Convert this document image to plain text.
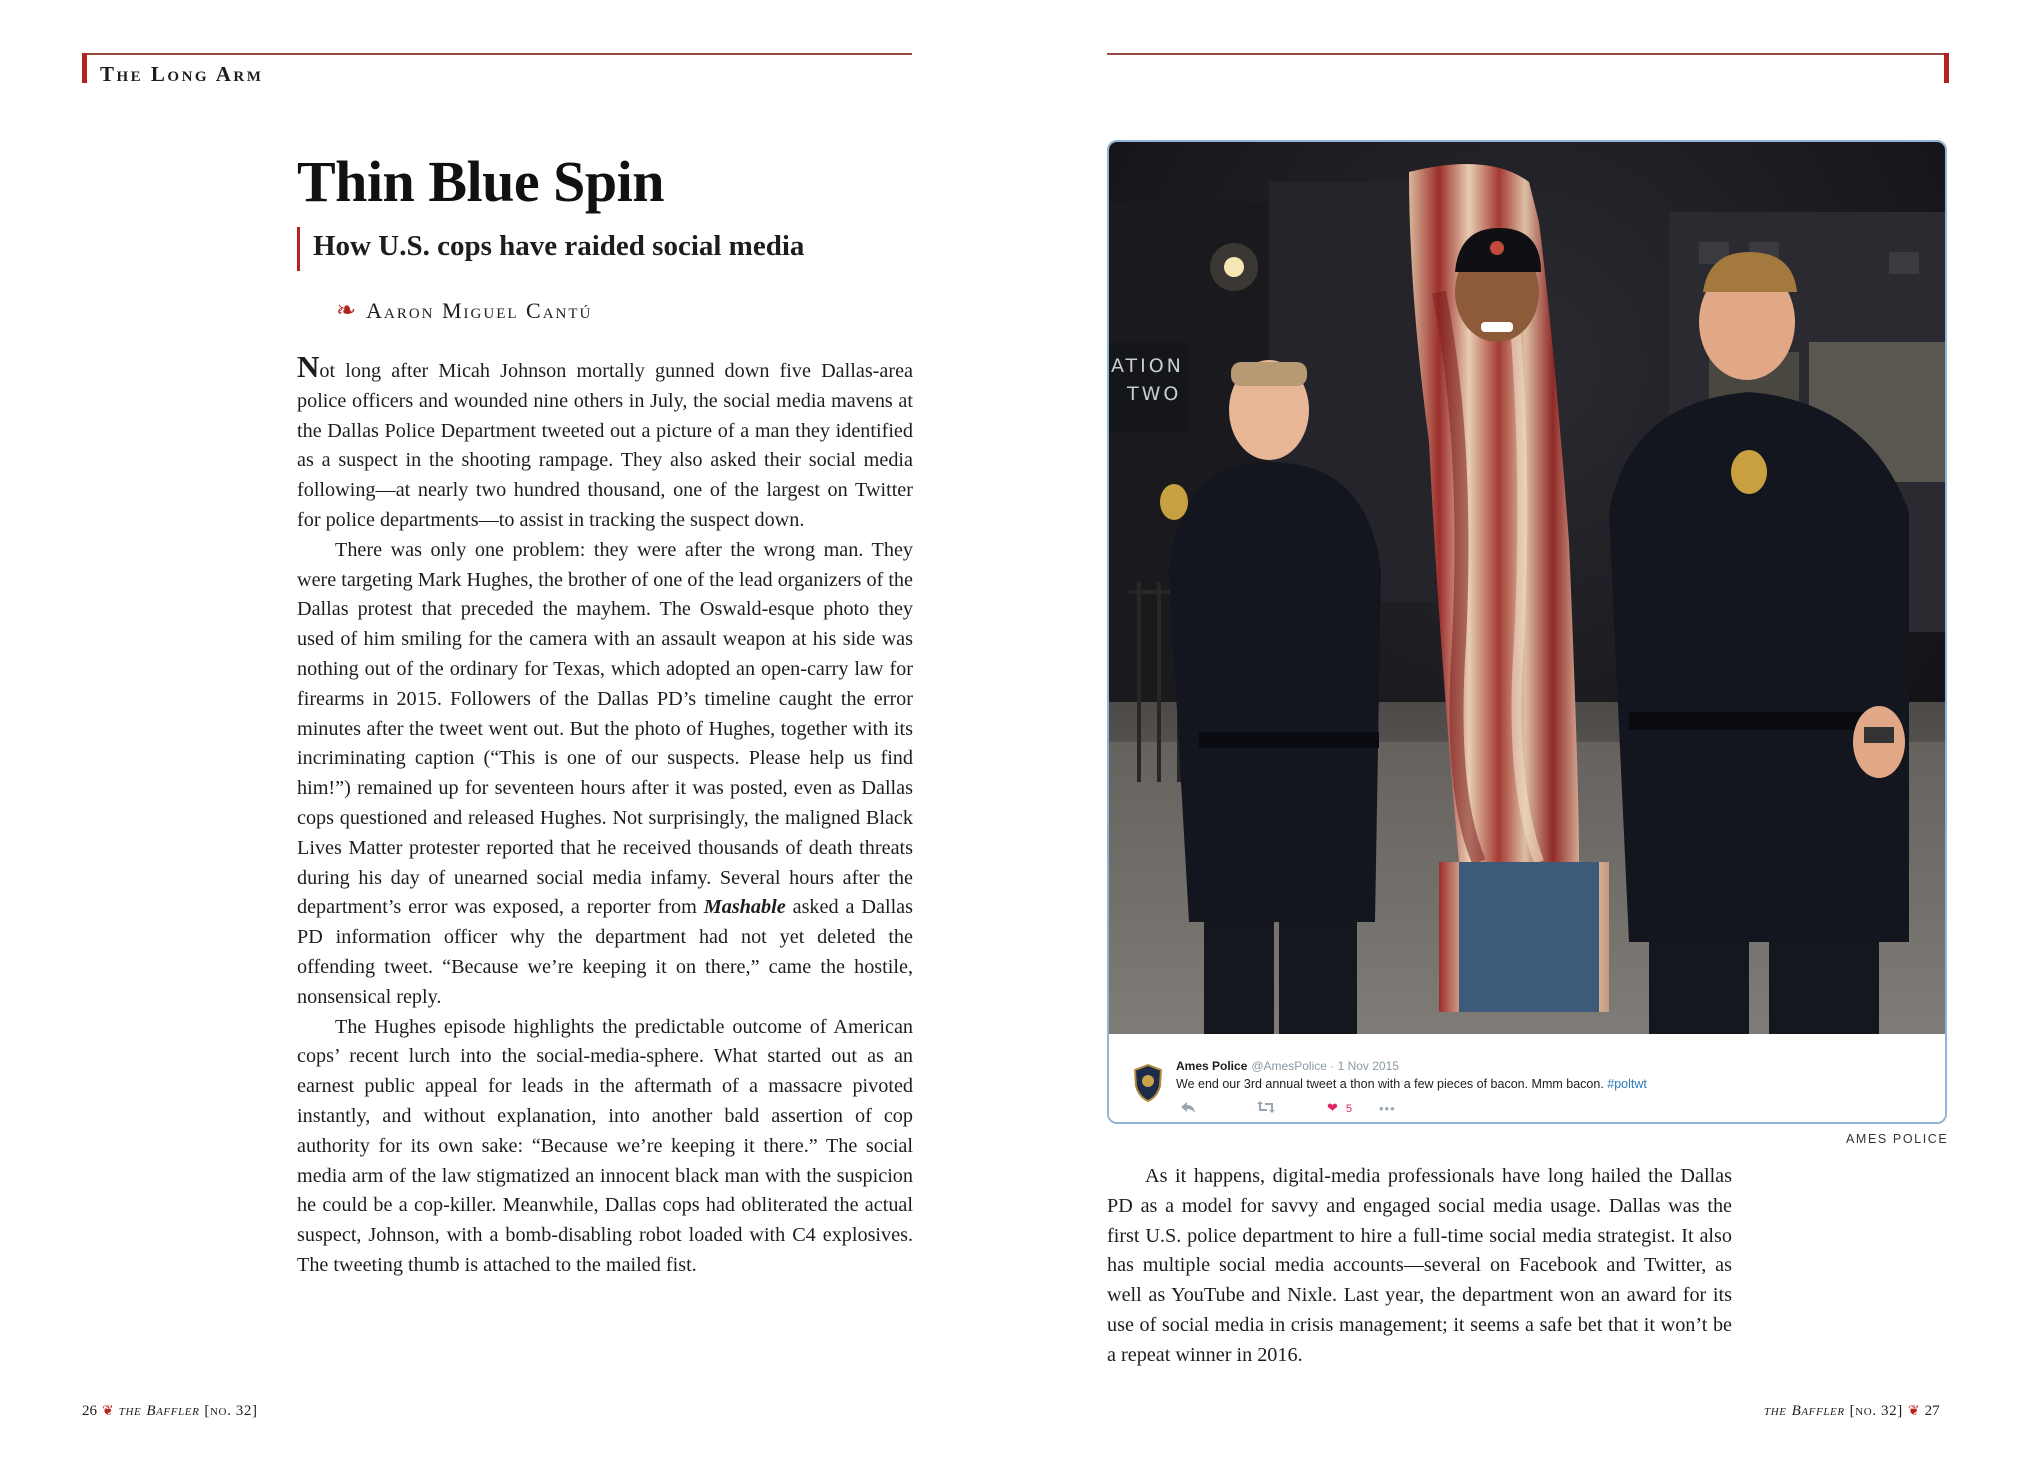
The Long Arm
Thin Blue Spin
How U.S. cops have raided social media
❧ Aaron Miguel Cantú

Not long after Micah Johnson mortally gunned down five Dallas-area police officers and wounded nine others in July, the social media mavens at the Dallas Police Department tweeted out a picture of a man they identified as a suspect in the shooting rampage. They also asked their social media following—at nearly two hundred thousand, one of the largest on Twitter for police departments—to assist in tracking the suspect down.

There was only one problem: they were after the wrong man. They were targeting Mark Hughes, the brother of one of the lead organizers of the Dallas protest that preceded the mayhem. The Oswald-esque photo they used of him smiling for the camera with an assault weapon at his side was nothing out of the ordinary for Texas, which adopted an open-carry law for firearms in 2015. Followers of the Dallas PD’s timeline caught the error minutes after the tweet went out. But the photo of Hughes, together with its incriminating caption (“This is one of our suspects. Please help us find him!”) remained up for seventeen hours after it was posted, even as Dallas cops questioned and released Hughes. Not surprisingly, the maligned Black Lives Matter protester reported that he received thousands of death threats during his day of unearned social media infamy. Several hours after the department’s error was exposed, a reporter from Mashable asked a Dallas PD information officer why the department had not yet deleted the offending tweet. “Because we’re keeping it on there,” came the hostile, nonsensical reply.

The Hughes episode highlights the predictable outcome of American cops’ recent lurch into the social-media-sphere. What started out as an earnest public appeal for leads in the aftermath of a massacre pivoted instantly, and without explanation, into another bald assertion of cop authority for its own sake: “Because we’re keeping it there.” The social media arm of the law stigmatized an innocent black man with the suspicion he could be a cop-killer. Meanwhile, Dallas cops had obliterated the actual suspect, Johnson, with a bomb-disabling robot loaded with C4 explosives. The tweeting thumb is attached to the mailed fist.

ATION
TWO
Ames Police @AmesPolice · 1 Nov 2015
We end our 3rd annual tweet a thon with a few pieces of bacon. Mmm bacon. #poltwt
❤ 5	•••
AMES POLICE

As it happens, digital-media professionals have long hailed the Dallas PD as a model for savvy and engaged social media usage. Dallas was the first U.S. police department to hire a full-time social media strategist. It also has multiple social media accounts—several on Facebook and Twitter, as well as YouTube and Nixle. Last year, the department won an award for its use of social media in crisis management; it seems a safe bet that it won’t be a repeat winner in 2016.

26 ❦ the Baffler [no. 32]	the Baffler [no. 32] ❦ 27
